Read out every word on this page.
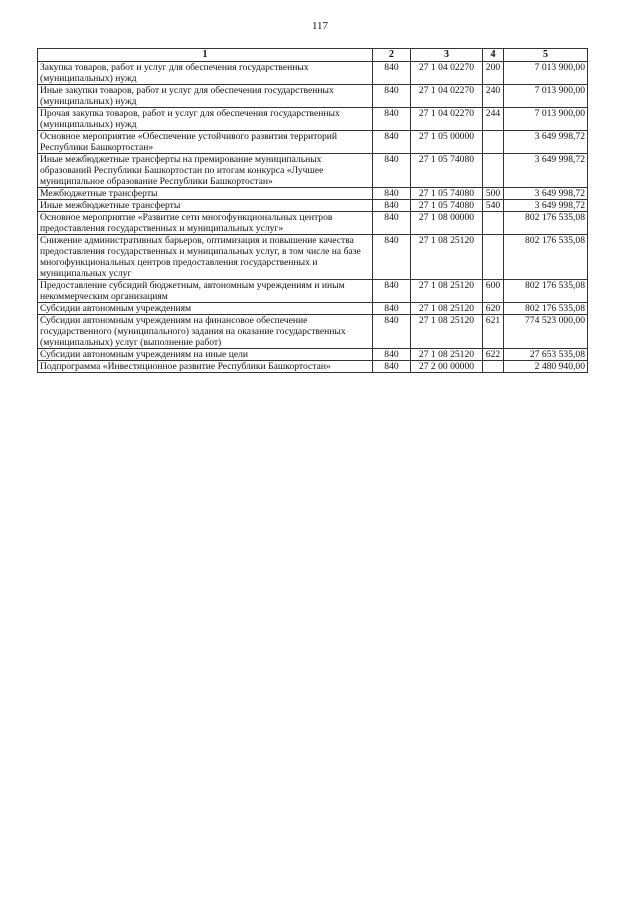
117
1	2	3	4	5
Закупка товаров, работ и услуг для обеспечения государственных (муниципальных) нужд	840	27 1 04 02270	200	7 013 900,00
Иные закупки товаров, работ и услуг для обеспечения государственных (муниципальных) нужд	840	27 1 04 02270	240	7 013 900,00
Прочая закупка товаров, работ и услуг для обеспечения государственных (муниципальных) нужд	840	27 1 04 02270	244	7 013 900,00
Основное мероприятие «Обеспечение устойчивого развития территорий Республики Башкортостан»	840	27 1 05 00000		3 649 998,72
Иные межбюджетные трансферты на премирование муниципальных образований Республики Башкортостан по итогам конкурса «Лучшее муниципальное образование Республики Башкортостан»	840	27 1 05 74080		3 649 998,72
Межбюджетные трансферты	840	27 1 05 74080	500	3 649 998,72
Иные межбюджетные трансферты	840	27 1 05 74080	540	3 649 998,72
Основное мероприятие «Развитие сети многофункциональных центров предоставления государственных и муниципальных услуг»	840	27 1 08 00000		802 176 535,08
Снижение административных барьеров, оптимизация и повышение качества предоставления государственных и муниципальных услуг, в том числе на базе многофункциональных центров предоставления государственных и муниципальных услуг	840	27 1 08 25120		802 176 535,08
Предоставление субсидий бюджетным, автономным учреждениям и иным некоммерческим организациям	840	27 1 08 25120	600	802 176 535,08
Субсидии автономным учреждениям	840	27 1 08 25120	620	802 176 535,08
Субсидии автономным учреждениям на финансовое обеспечение государственного (муниципального) задания на оказание государственных (муниципальных) услуг (выполнение работ)	840	27 1 08 25120	621	774 523 000,00
Субсидии автономным учреждениям на иные цели	840	27 1 08 25120	622	27 653 535,08
Подпрограмма «Инвестиционное развитие Республики Башкортостан»	840	27 2 00 00000		2 480 940,00
